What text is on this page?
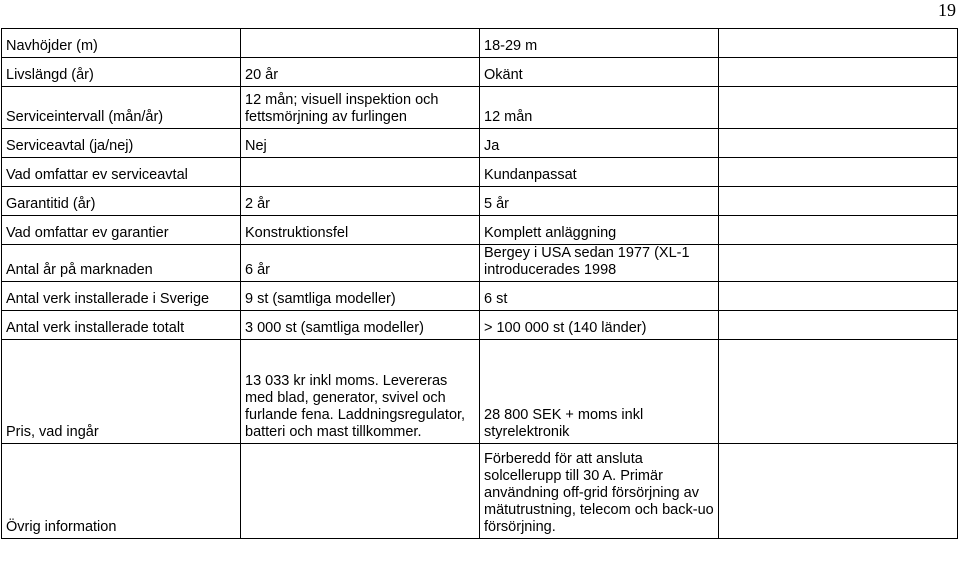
19
Navhöjder (m)		18-29 m	
Livslängd (år)	20 år	Okänt	
Serviceintervall (mån/år)	12 mån; visuell inspektion och fettsmörjning av furlingen	12 mån	
Serviceavtal (ja/nej)	Nej	Ja	
Vad omfattar ev serviceavtal		Kundanpassat	
Garantitid (år)	2 år	5 år	
Vad omfattar ev garantier	Konstruktionsfel	Komplett anläggning	
Antal år på marknaden	6 år	Bergey i USA sedan 1977 (XL-1 introducerades 1998	
Antal verk installerade i Sverige	9 st (samtliga modeller)	6 st	
Antal verk installerade totalt	3 000 st (samtliga modeller)	> 100 000 st (140 länder)	
Pris, vad ingår	13 033 kr inkl moms. Levereras med blad, generator, svivel och furlande fena. Laddningsregulator, batteri och mast tillkommer.	28 800 SEK + moms inkl styrelektronik	
Övrig information		Förberedd för att ansluta solcellerupp till 30 A. Primär användning off-grid försörjning av mätutrustning, telecom och back-uo försörjning.	
